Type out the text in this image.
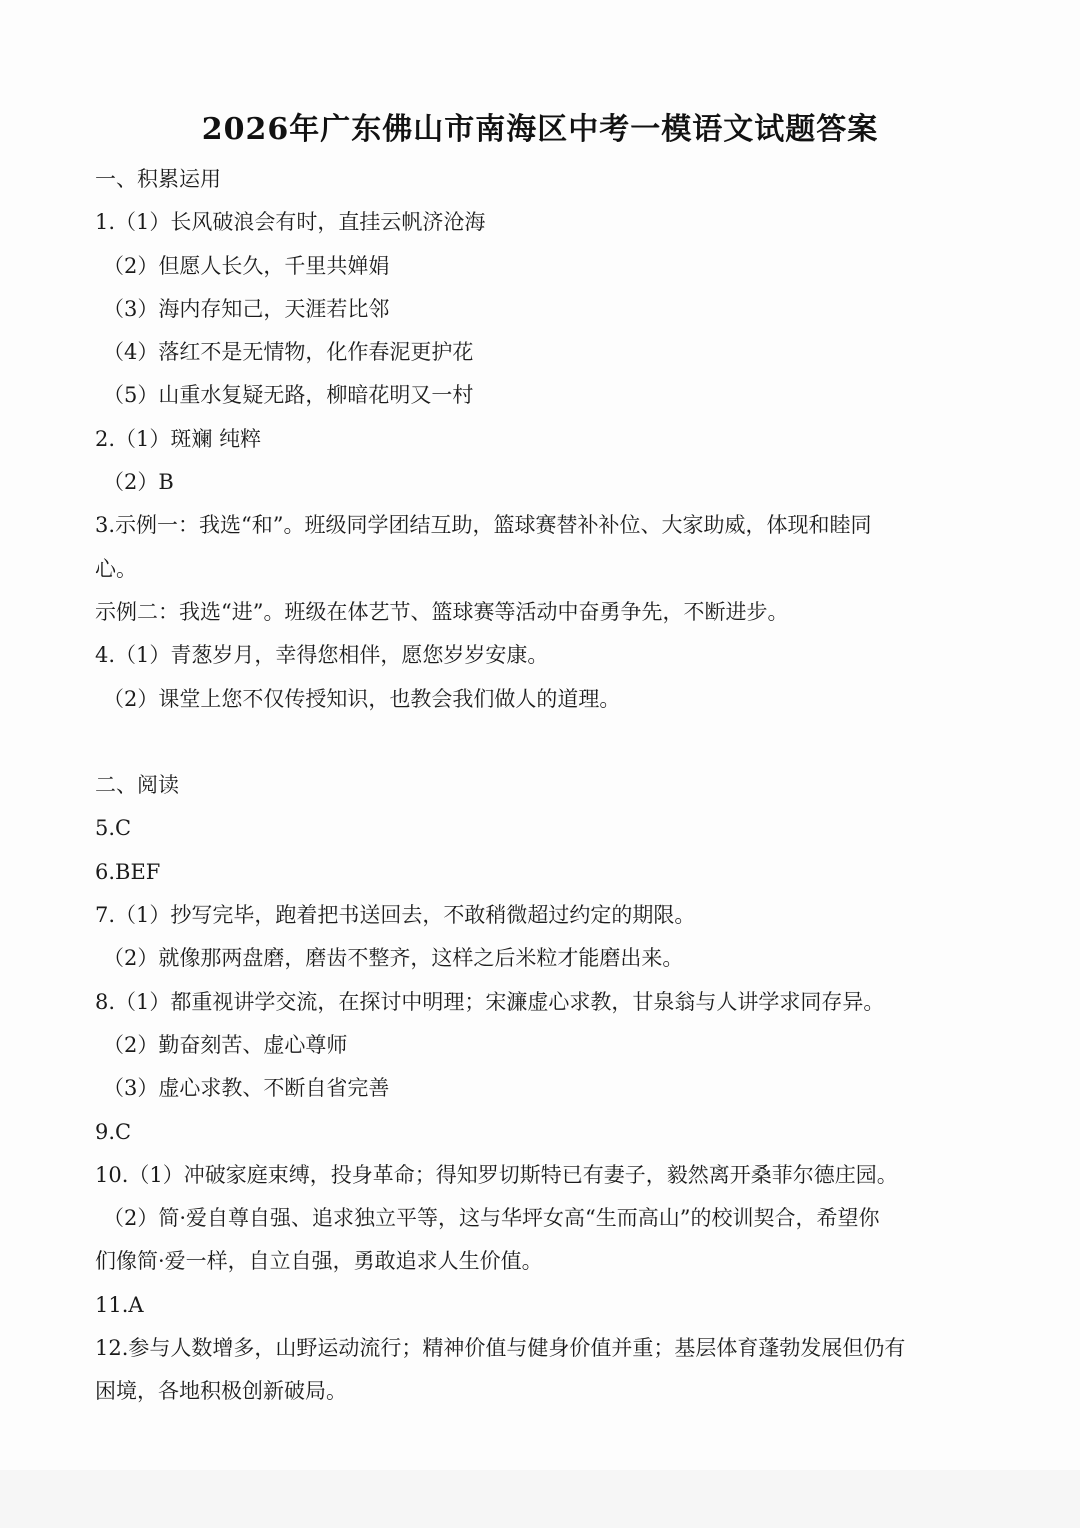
2026年广东佛山市南海区中考一模语文试题答案
一、积累运用
1.（1）长风破浪会有时，直挂云帆济沧海
（2）但愿人长久，千里共婵娟
（3）海内存知己，天涯若比邻
（4）落红不是无情物，化作春泥更护花
（5）山重水复疑无路，柳暗花明又一村
2.（1）斑斓 纯粹
（2）B
3.示例一：我选“和”。班级同学团结互助，篮球赛替补补位、大家助威，体现和睦同
心。
示例二：我选“进”。班级在体艺节、篮球赛等活动中奋勇争先，不断进步。
4.（1）青葱岁月，幸得您相伴，愿您岁岁安康。
（2）课堂上您不仅传授知识，也教会我们做人的道理。
二、阅读
5.C
6.BEF
7.（1）抄写完毕，跑着把书送回去，不敢稍微超过约定的期限。
（2）就像那两盘磨，磨齿不整齐，这样之后米粒才能磨出来。
8.（1）都重视讲学交流，在探讨中明理；宋濂虚心求教，甘泉翁与人讲学求同存异。
（2）勤奋刻苦、虚心尊师
（3）虚心求教、不断自省完善
9.C
10.（1）冲破家庭束缚，投身革命；得知罗切斯特已有妻子，毅然离开桑菲尔德庄园。
（2）简·爱自尊自强、追求独立平等，这与华坪女高“生而高山”的校训契合，希望你
们像简·爱一样，自立自强，勇敢追求人生价值。
11.A
12.参与人数增多，山野运动流行；精神价值与健身价值并重；基层体育蓬勃发展但仍有
困境，各地积极创新破局。
